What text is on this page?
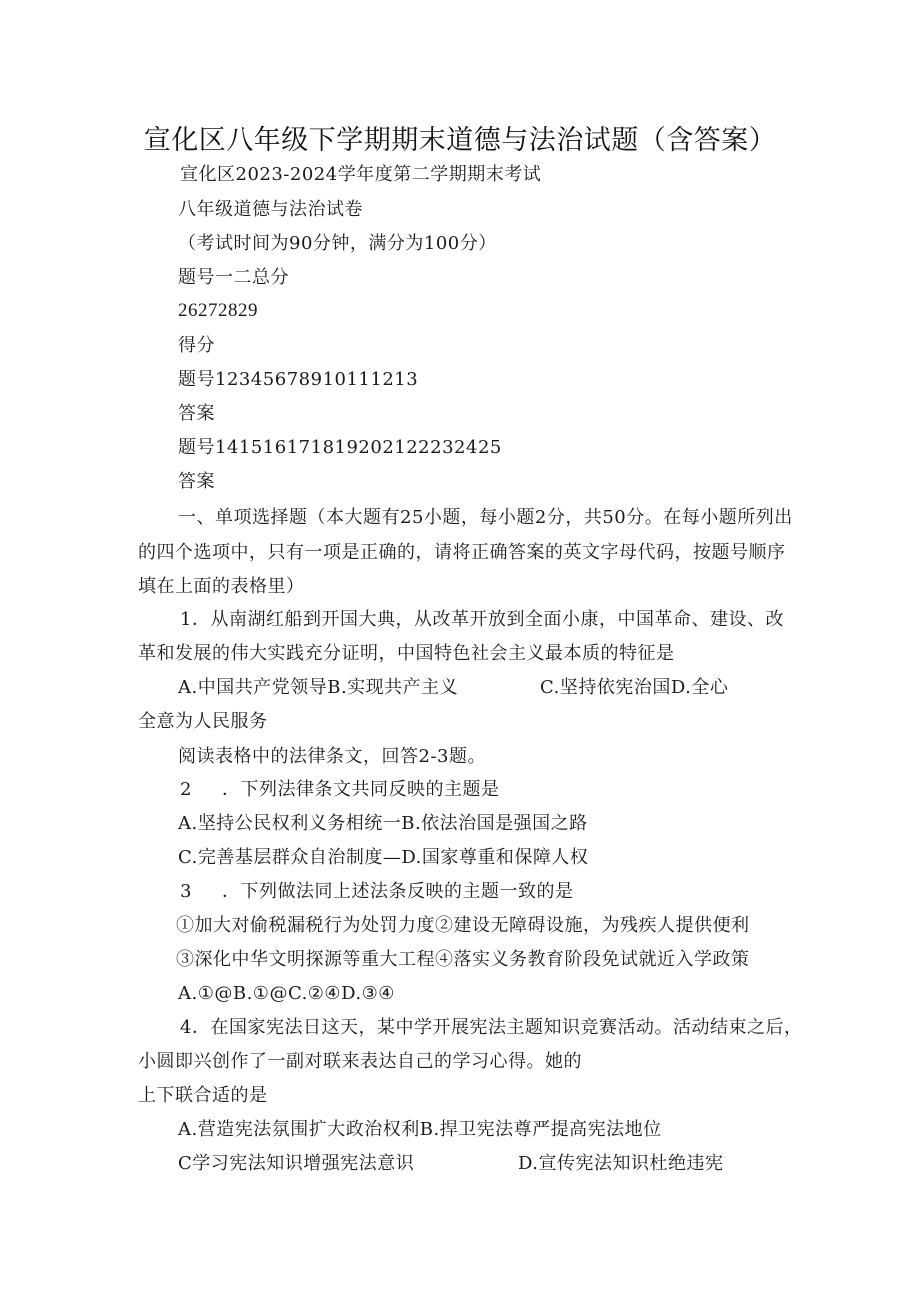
宣化区八年级下学期期末道德与法治试题（含答案）
宣化区2023-2024学年度第二学期期末考试
八年级道德与法治试卷
（考试时间为90分钟，满分为100分）
题号一二总分
26272829
得分
题号12345678910111213
答案
题号141516171819202122232425
答案
一、单项选择题（本大题有25小题，每小题2分，共50分。在每小题所列出
的四个选项中，只有一项是正确的，请将正确答案的英文字母代码，按题号顺序
填在上面的表格里）
1．从南湖红船到开国大典，从改革开放到全面小康，中国革命、建设、改
革和发展的伟大实践充分证明，中国特色社会主义最本质的特征是
A.中国共产党领导B.实现共产主义	C.坚持依宪治国D.全心
全意为人民服务
阅读表格中的法律条文，回答2-3题。
2 ．下列法律条文共同反映的主题是
A.坚持公民权利义务相统一B.依法治国是强国之路
C.完善基层群众自治制度—D.国家尊重和保障人权
3 ．下列做法同上述法条反映的主题一致的是
①加大对偷税漏税行为处罚力度②建设无障碍设施，为残疾人提供便利
③深化中华文明探源等重大工程④落实义务教育阶段免试就近入学政策
A.①@B.①@C.②④D.③④
4．在国家宪法日这天，某中学开展宪法主题知识竞赛活动。活动结束之后，
小圆即兴创作了一副对联来表达自己的学习心得。她的
上下联合适的是
A.营造宪法氛围扩大政治权利B.捍卫宪法尊严提高宪法地位
C学习宪法知识增强宪法意识	D.宣传宪法知识杜绝违宪
